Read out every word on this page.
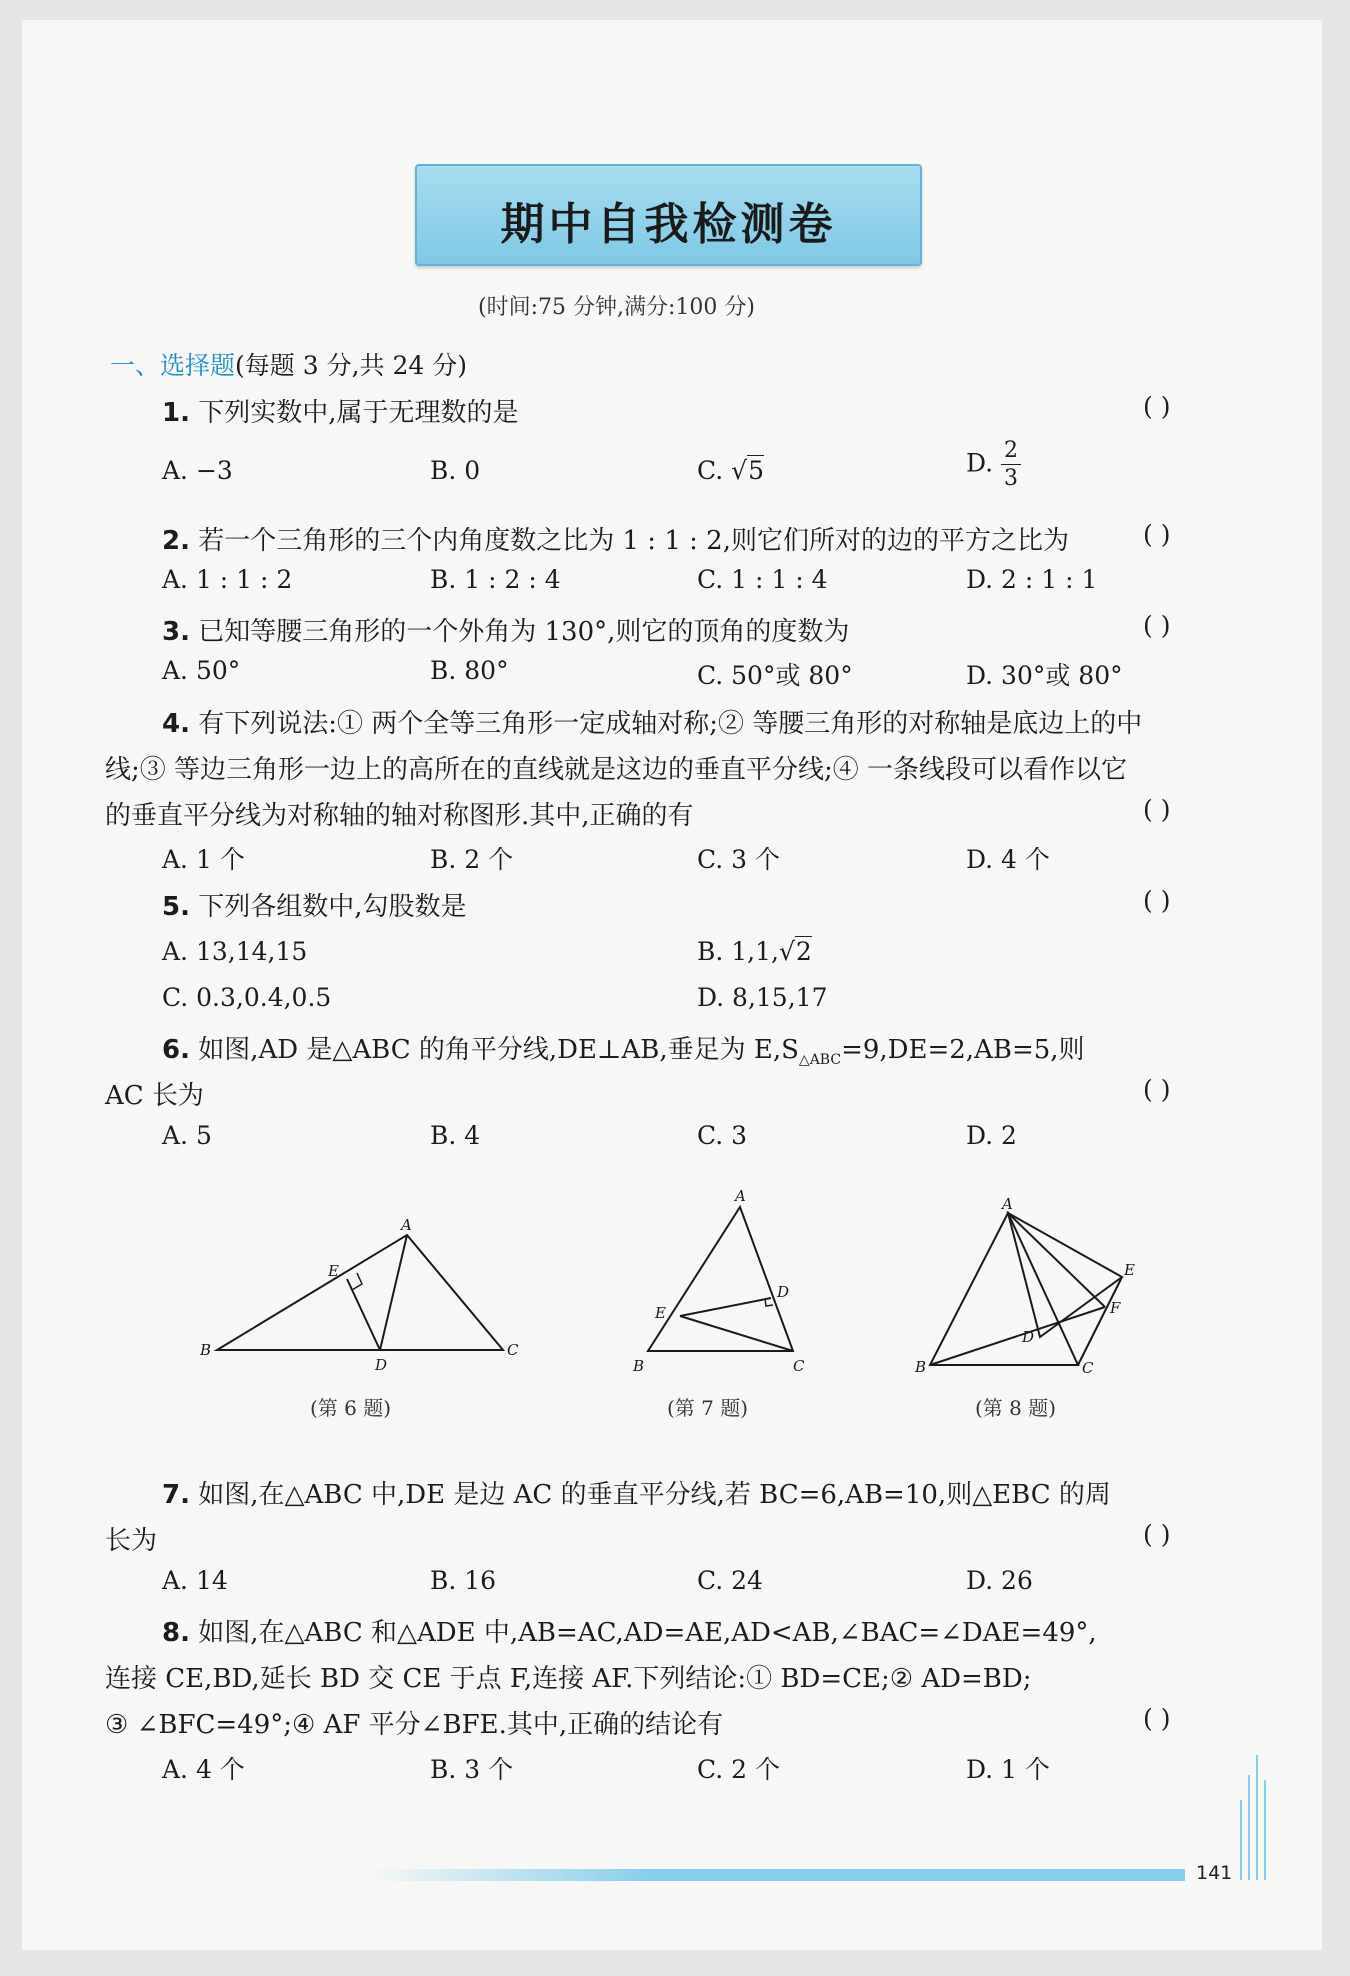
期中自我检测卷
(时间:75 分钟,满分:100 分)
一、选择题(每题 3 分,共 24 分)
1. 下列实数中,属于无理数的是	( )
A. −3	B. 0	C. √5	D. $\frac{2}{3}$
2. 若一个三角形的三个内角度数之比为 1 : 1 : 2,则它们所对的边的平方之比为	( )
A. 1 : 1 : 2	B. 1 : 2 : 4	C. 1 : 1 : 4	D. 2 : 1 : 1
3. 已知等腰三角形的一个外角为 130°,则它的顶角的度数为	( )
A. 50°	B. 80°	C. 50°或 80°	D. 30°或 80°
4. 有下列说法:① 两个全等三角形一定成轴对称;② 等腰三角形的对称轴是底边上的中
线;③ 等边三角形一边上的高所在的直线就是这边的垂直平分线;④ 一条线段可以看作以它
的垂直平分线为对称轴的轴对称图形.其中,正确的有	( )
A. 1 个	B. 2 个	C. 3 个	D. 4 个
5. 下列各组数中,勾股数是	( )
A. 13,14,15	B. 1,1,√2
C. 0.3,0.4,0.5	D. 8,15,17
6. 如图,AD 是△ABC 的角平分线,DE⊥AB,垂足为 $E,S_{\triangle ABC}=9,DE=2,AB=5$,则
AC 长为	( )
A. 5	B. 4	C. 3	D. 2
A
B	C
D
E
(第 6 题)
A
B	C
D
E
(第 7 题)
A
B	C
D
E
F
(第 8 题)
7. 如图,在△ABC 中,DE 是边 AC 的垂直平分线,若 BC=6,AB=10,则△EBC 的周
长为	( )
A. 14	B. 16	C. 24	D. 26
8. 如图,在△ABC 和△ADE 中,AB=AC,AD=AE,AD<AB,∠BAC=∠DAE=49°,
连接 CE,BD,延长 BD 交 CE 于点 F,连接 AF.下列结论:① BD=CE;② AD=BD;
③ ∠BFC=49°;④ AF 平分∠BFE.其中,正确的结论有	( )
A. 4 个	B. 3 个	C. 2 个	D. 1 个
141
